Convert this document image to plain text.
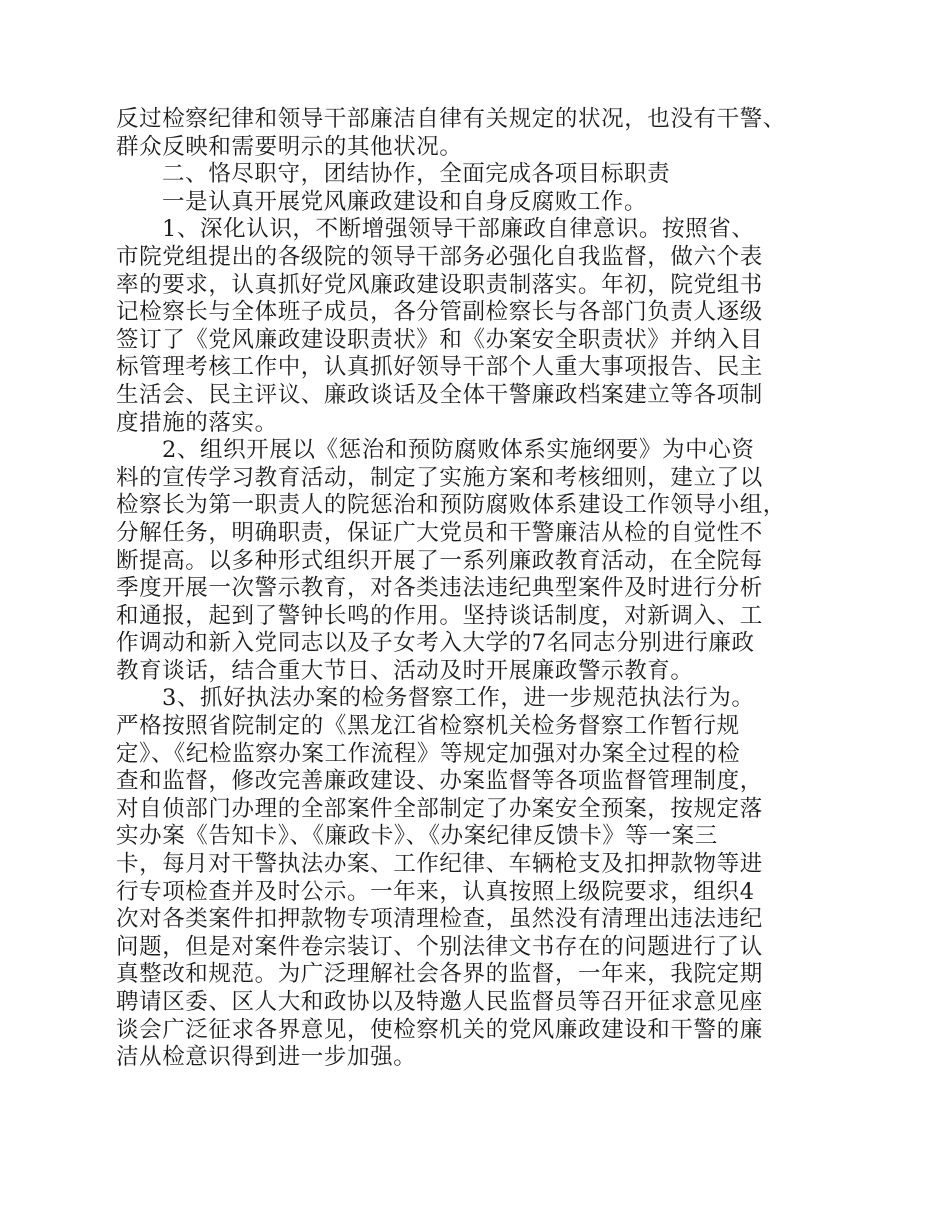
反过检察纪律和领导干部廉洁自律有关规定的状况，也没有干警、
群众反映和需要明示的其他状况。
二、恪尽职守，团结协作，全面完成各项目标职责
一是认真开展党风廉政建设和自身反腐败工作。
1、深化认识，不断增强领导干部廉政自律意识。按照省、
市院党组提出的各级院的领导干部务必强化自我监督，做六个表
率的要求，认真抓好党风廉政建设职责制落实。年初，院党组书
记检察长与全体班子成员，各分管副检察长与各部门负责人逐级
签订了《党风廉政建设职责状》和《办案安全职责状》并纳入目
标管理考核工作中，认真抓好领导干部个人重大事项报告、民主
生活会、民主评议、廉政谈话及全体干警廉政档案建立等各项制
度措施的落实。
2、组织开展以《惩治和预防腐败体系实施纲要》为中心资
料的宣传学习教育活动，制定了实施方案和考核细则，建立了以
检察长为第一职责人的院惩治和预防腐败体系建设工作领导小组，
分解任务，明确职责，保证广大党员和干警廉洁从检的自觉性不
断提高。以多种形式组织开展了一系列廉政教育活动，在全院每
季度开展一次警示教育，对各类违法违纪典型案件及时进行分析
和通报，起到了警钟长鸣的作用。坚持谈话制度，对新调入、工
作调动和新入党同志以及子女考入大学的7名同志分别进行廉政
教育谈话，结合重大节日、活动及时开展廉政警示教育。
3、抓好执法办案的检务督察工作，进一步规范执法行为。
严格按照省院制定的《黑龙江省检察机关检务督察工作暂行规
定》、《纪检监察办案工作流程》等规定加强对办案全过程的检
查和监督，修改完善廉政建设、办案监督等各项监督管理制度，
对自侦部门办理的全部案件全部制定了办案安全预案，按规定落
实办案《告知卡》、《廉政卡》、《办案纪律反馈卡》等一案三
卡，每月对干警执法办案、工作纪律、车辆枪支及扣押款物等进
行专项检查并及时公示。一年来，认真按照上级院要求，组织4
次对各类案件扣押款物专项清理检查，虽然没有清理出违法违纪
问题，但是对案件卷宗装订、个别法律文书存在的问题进行了认
真整改和规范。为广泛理解社会各界的监督，一年来，我院定期
聘请区委、区人大和政协以及特邀人民监督员等召开征求意见座
谈会广泛征求各界意见，使检察机关的党风廉政建设和干警的廉
洁从检意识得到进一步加强。
